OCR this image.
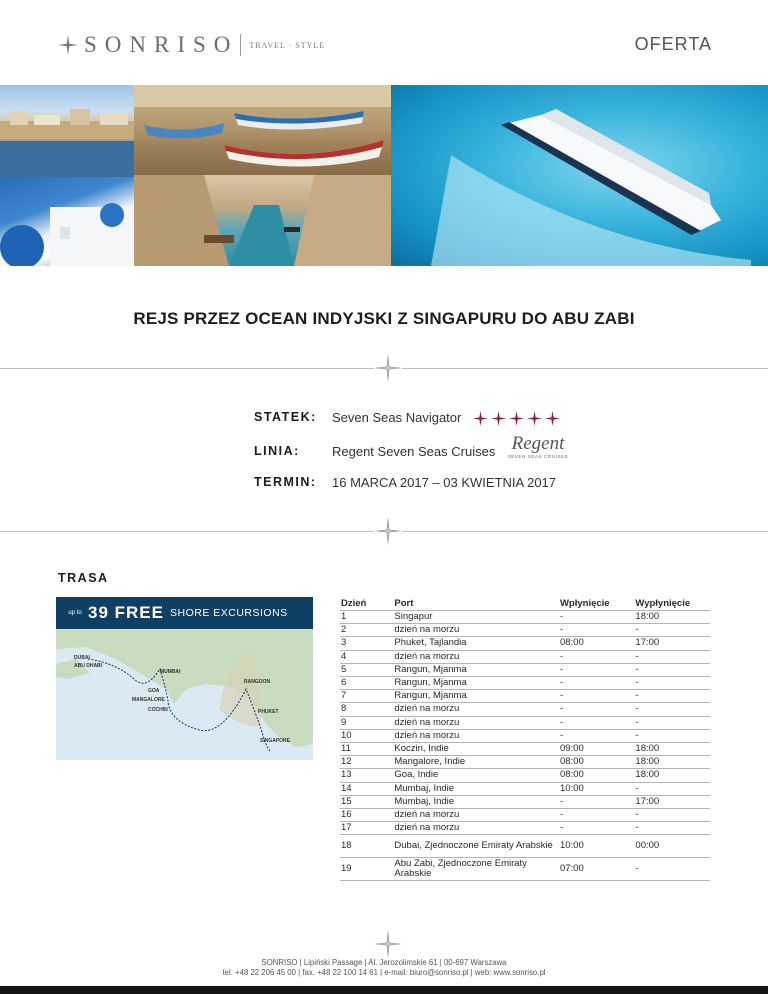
SONRISO TRAVEL · STYLE	OFERTA
REJS PRZEZ OCEAN INDYJSKI Z SINGAPURU DO ABU ZABI
STATEK: Seven Seas Navigator
LINIA: Regent Seven Seas Cruises Regent
SEVEN SEAS CRUISES
TERMIN: 16 MARCA 2017 – 03 KWIETNIA 2017
TRASA
up to 39 FREE SHORE EXCURSIONS
DUBAI
ABU DHABI
MUMBAI
GOA
MANGALORE
COCHIN
RANGOON
PHUKET
SINGAPORE
Dzień	Port	Wpłynięcie	Wypłynięcie
1	Singapur	-	18:00
2	dzień na morzu	-	-
3	Phuket, Tajlandia	08:00	17:00
4	dzień na morzu	-	-
5	Rangun, Mjanma	-	-
6	Rangun, Mjanma	-	-
7	Rangun, Mjanma	-	-
8	dzień na morzu	-	-
9	dzień na morzu	-	-
10	dzień na morzu	-	-
11	Koczin, Indie	09:00	18:00
12	Mangalore, Indie	08:00	18:00
13	Goa, Indie	08:00	18:00
14	Mumbaj, Indie	10:00	-
15	Mumbaj, Indie	-	17:00
16	dzień na morzu	-	-
17	dzień na morzu	-	-
18	Dubai, Zjednoczone Emiraty Arabskie	10:00	00:00
19	Abu Zabi, Zjednoczone Emiraty Arabskie	07:00	-
SONRISO | Lipiński Passage | Al. Jerozolimskie 61 | 00-697 Warszawa
tel. +48 22 206 45 00 | fax. +48 22 100 14 61 | e-mail: biuro@sonriso.pl | web: www.sonriso.pl
